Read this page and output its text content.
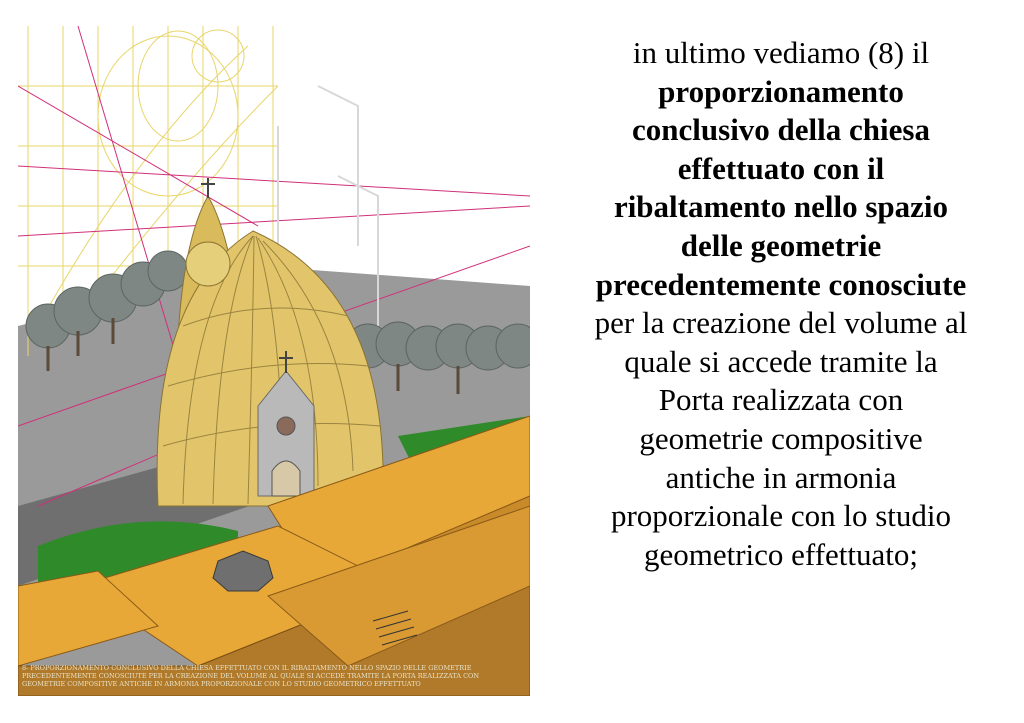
8- PROPORZIONAMENTO CONCLUSIVO DELLA CHIESA EFFETTUATO CON IL RIBALTAMENTO NELLO SPAZIO DELLE GEOMETRIE
PRECEDENTEMENTE CONOSCIUTE PER LA CREAZIONE DEL VOLUME AL QUALE SI ACCEDE TRAMITE LA PORTA REALIZZATA CON
GEOMETRIE COMPOSITIVE ANTICHE IN ARMONIA PROPORZIONALE CON LO STUDIO GEOMETRICO EFFETTUATO
in ultimo vediamo (8) il
proporzionamento
conclusivo della chiesa
effettuato con il
ribaltamento nello spazio
delle geometrie
precedentemente conosciute
per la creazione del volume al
quale si accede tramite la
Porta realizzata con
geometrie compositive
antiche in armonia
proporzionale con lo studio
geometrico effettuato;
